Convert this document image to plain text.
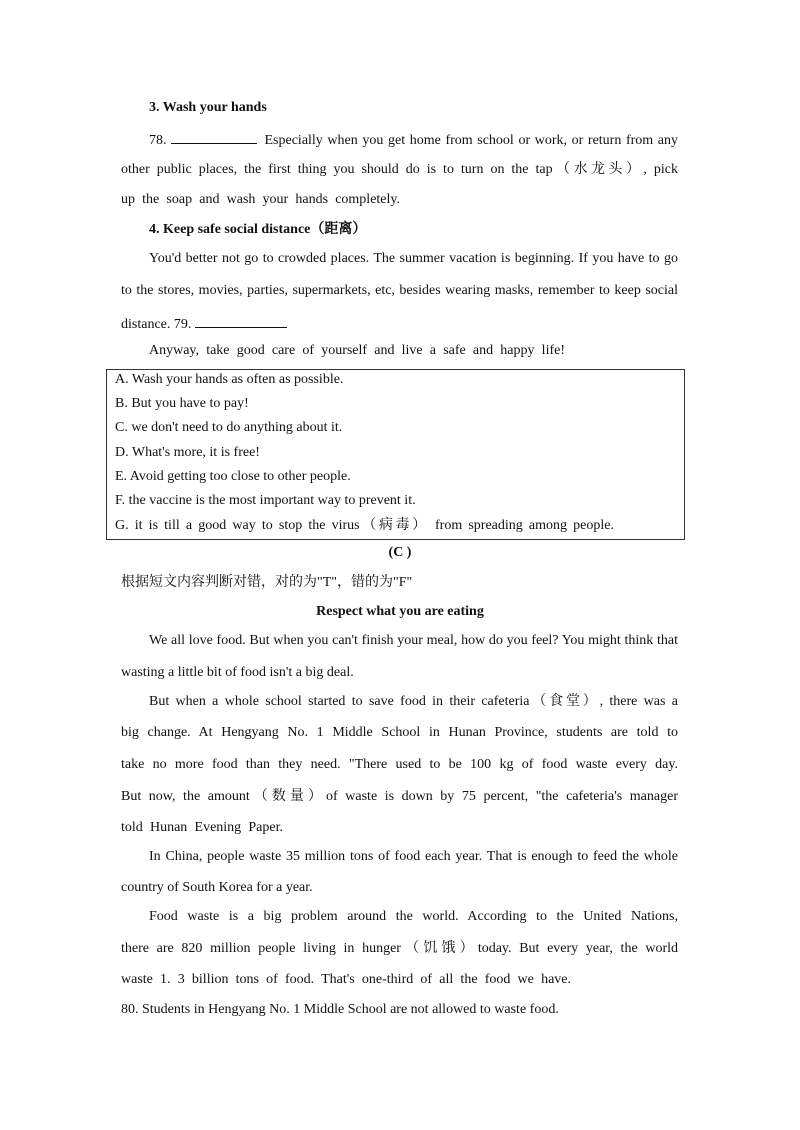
3. Wash your hands
78.	Especially when you get home from school or work, or return from any
other public places, the first thing you should do is to turn on the tap（水龙头）, pick
up the soap and wash your hands completely.
4. Keep safe social distance（距离）
You'd better not go to crowded places. The summer vacation is beginning. If you have to go
to the stores, movies, parties, supermarkets, etc, besides wearing masks, remember to keep social
distance. 79.
Anyway, take good care of yourself and live a safe and happy life!
A. Wash your hands as often as possible.
B. But you have to pay!
C. we don't need to do anything about it.
D. What's more, it is free!
E. Avoid getting too close to other people.
F. the vaccine is the most important way to prevent it.
G. it is till a good way to stop the virus（病毒） from spreading among people.
(C )
根据短文内容判断对错，对的为"T"，错的为"F"
Respect what you are eating
We all love food. But when you can't finish your meal, how do you feel? You might think that
wasting a little bit of food isn't a big deal.
But when a whole school started to save food in their cafeteria（食堂）, there was a
big change. At Hengyang No. 1 Middle School in Hunan Province, students are told to
take no more food than they need. "There used to be 100 kg of food waste every day.
But now, the amount（数量）of waste is down by 75 percent, "the cafeteria's manager
told Hunan Evening Paper.
In China, people waste 35 million tons of food each year. That is enough to feed the whole
country of South Korea for a year.
Food waste is a big problem around the world. According to the United Nations,
there are 820 million people living in hunger（饥饿）today. But every year, the world
waste 1. 3 billion tons of food. That's one-third of all the food we have.
80. Students in Hengyang No. 1 Middle School are not allowed to waste food.
